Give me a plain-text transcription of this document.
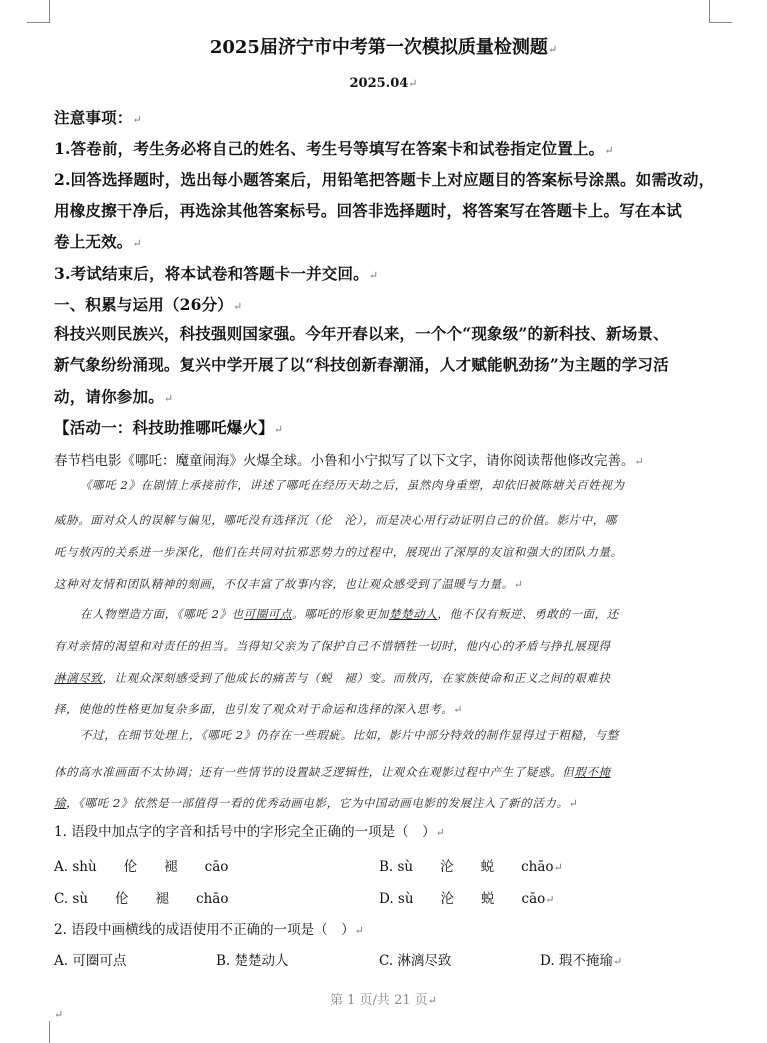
2025届济宁市中考第一次模拟质量检测题↵
2025.04↵
注意事项：↵
1.答卷前，考生务必将自己的姓名、考生号等填写在答案卡和试卷指定位置上。↵
2.回答选择题时，选出每小题答案后，用铅笔把答题卡上对应题目的答案标号涂黑。如需改动，
用橡皮擦干净后，再选涂其他答案标号。回答非选择题时，将答案写在答题卡上。写在本试
卷上无效。↵
3.考试结束后，将本试卷和答题卡一并交回。↵
一、积累与运用（26分）↵
科技兴则民族兴，科技强则国家强。今年开春以来，一个个“现象级”的新科技、新场景、
新气象纷纷涌现。复兴中学开展了以“科技创新春潮涌，人才赋能帆劲扬”为主题的学习活
动，请你参加。↵
【活动一：科技助推哪吒爆火】↵
春节档电影《哪吒：魔童闹海》火爆全球。小鲁和小宁拟写了以下文字，请你阅读帮他修改完善。↵
《哪吒 2》在剧情上承接前作，讲述了哪吒在经历天劫之后，虽然肉身重塑，却依旧被陈塘关百姓视为
威胁。面对众人的误解与偏见，哪吒没有选择沉（伦　沦），而是决心用行动证明自己的价值。影片中，哪
吒与敖丙的关系进一步深化，他们在共同对抗邪恶势力的过程中，展现出了深厚的友谊和强大的团队力量。
这种对友情和团队精神的刻画，不仅丰富了故事内容，也让观众感受到了温暖与力量。↵
在人物塑造方面，《哪吒 2》也可圈可点。哪吒的形象更加楚楚动人，他不仅有叛逆、勇敢的一面，还
有对亲情的渴望和对责任的担当。当得知父亲为了保护自己不惜牺牲一切时，他内心的矛盾与挣扎展现得
淋漓尽致，让观众深刻感受到了他成长的痛苦与（蜕　褪）变。而敖丙，在家族使命和正义之间的艰难抉
择，使他的性格更加复杂多面，也引发了观众对于命运和选择的深入思考。↵
不过，在细节处理上，《哪吒 2》仍存在一些瑕疵。比如，影片中部分特效的制作显得过于粗糙，与整
体的高水准画面不太协调；还有一些情节的设置缺乏逻辑性，让观众在观影过程中产生了疑惑。但瑕不掩
瑜，《哪吒 2》依然是一部值得一看的优秀动画电影，它为中国动画电影的发展注入了新的活力。↵
1. 语段中加点字的字音和括号中的字形完全正确的一项是（　）↵
A. shù　　伦　　褪　　cāo	B. sù　　沦　　蜕　　chāo↵
C. sù　　伦　　褪　　chāo	D. sù　　沦　　蜕　　cāo↵
2. 语段中画横线的成语使用不正确的一项是（　）↵
A. 可圈可点	B. 楚楚动人	C. 淋漓尽致	D. 瑕不掩瑜↵
第 1 页/共 21 页↵
↵
